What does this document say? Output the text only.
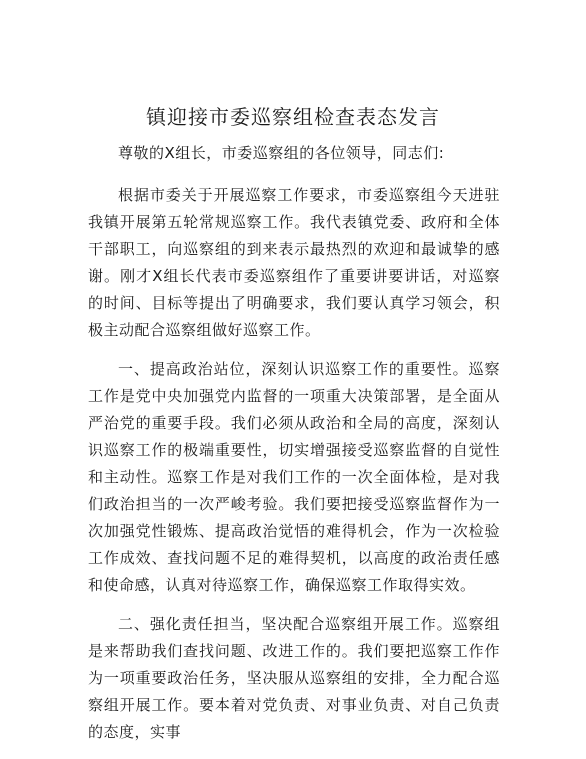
镇迎接市委巡察组检查表态发言

尊敬的X组长，市委巡察组的各位领导，同志们:

根据市委关于开展巡察工作要求，市委巡察组今天进驻我镇开展第五轮常规巡察工作。我代表镇党委、政府和全体干部职工，向巡察组的到来表示最热烈的欢迎和最诚挚的感谢。刚才X组长代表市委巡察组作了重要讲要讲话，对巡察的时间、目标等提出了明确要求，我们要认真学习领会，积极主动配合巡察组做好巡察工作。

一、提高政治站位，深刻认识巡察工作的重要性。巡察工作是党中央加强党内监督的一项重大决策部署，是全面从严治党的重要手段。我们必须从政治和全局的高度，深刻认识巡察工作的极端重要性，切实增强接受巡察监督的自觉性和主动性。巡察工作是对我们工作的一次全面体检，是对我们政治担当的一次严峻考验。我们要把接受巡察监督作为一次加强党性锻炼、提高政治觉悟的难得机会，作为一次检验工作成效、查找问题不足的难得契机，以高度的政治责任感和使命感，认真对待巡察工作，确保巡察工作取得实效。

二、强化责任担当，坚决配合巡察组开展工作。巡察组是来帮助我们查找问题、改进工作的。我们要把巡察工作作为一项重要政治任务，坚决服从巡察组的安排，全力配合巡察组开展工作。要本着对党负责、对事业负责、对自己负责的态度，实事
